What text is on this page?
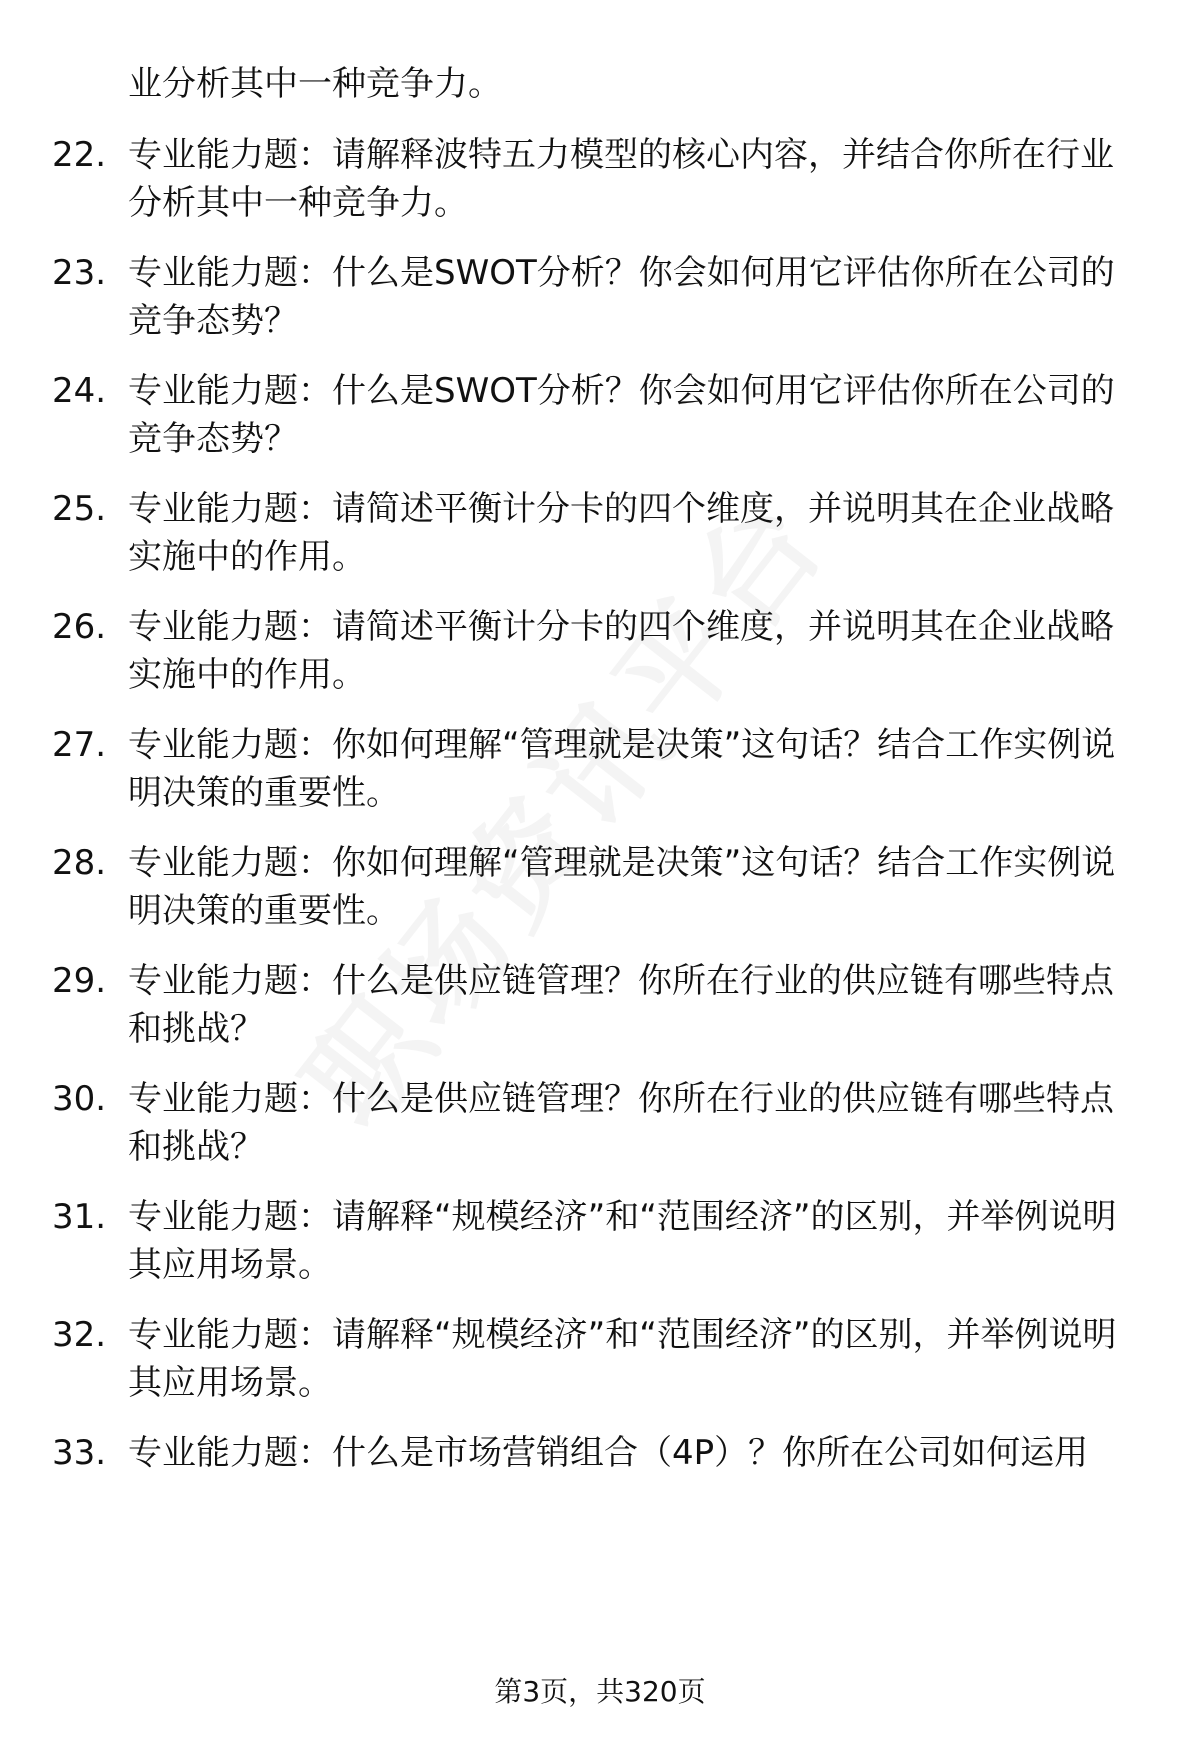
业分析其中一种竞争力。

22. 专业能力题：请解释波特五力模型的核心内容，并结合你所在行业分析其中一种竞争力。

23. 专业能力题：什么是SWOT分析？你会如何用它评估你所在公司的竞争态势？

24. 专业能力题：什么是SWOT分析？你会如何用它评估你所在公司的竞争态势？

25. 专业能力题：请简述平衡计分卡的四个维度，并说明其在企业战略实施中的作用。

26. 专业能力题：请简述平衡计分卡的四个维度，并说明其在企业战略实施中的作用。

27. 专业能力题：你如何理解“管理就是决策”这句话？结合工作实例说明决策的重要性。

28. 专业能力题：你如何理解“管理就是决策”这句话？结合工作实例说明决策的重要性。

29. 专业能力题：什么是供应链管理？你所在行业的供应链有哪些特点和挑战？

30. 专业能力题：什么是供应链管理？你所在行业的供应链有哪些特点和挑战？

31. 专业能力题：请解释“规模经济”和“范围经济”的区别，并举例说明其应用场景。

32. 专业能力题：请解释“规模经济”和“范围经济”的区别，并举例说明其应用场景。

33. 专业能力题：什么是市场营销组合（4P）？你所在公司如何运用

第3页，共320页
